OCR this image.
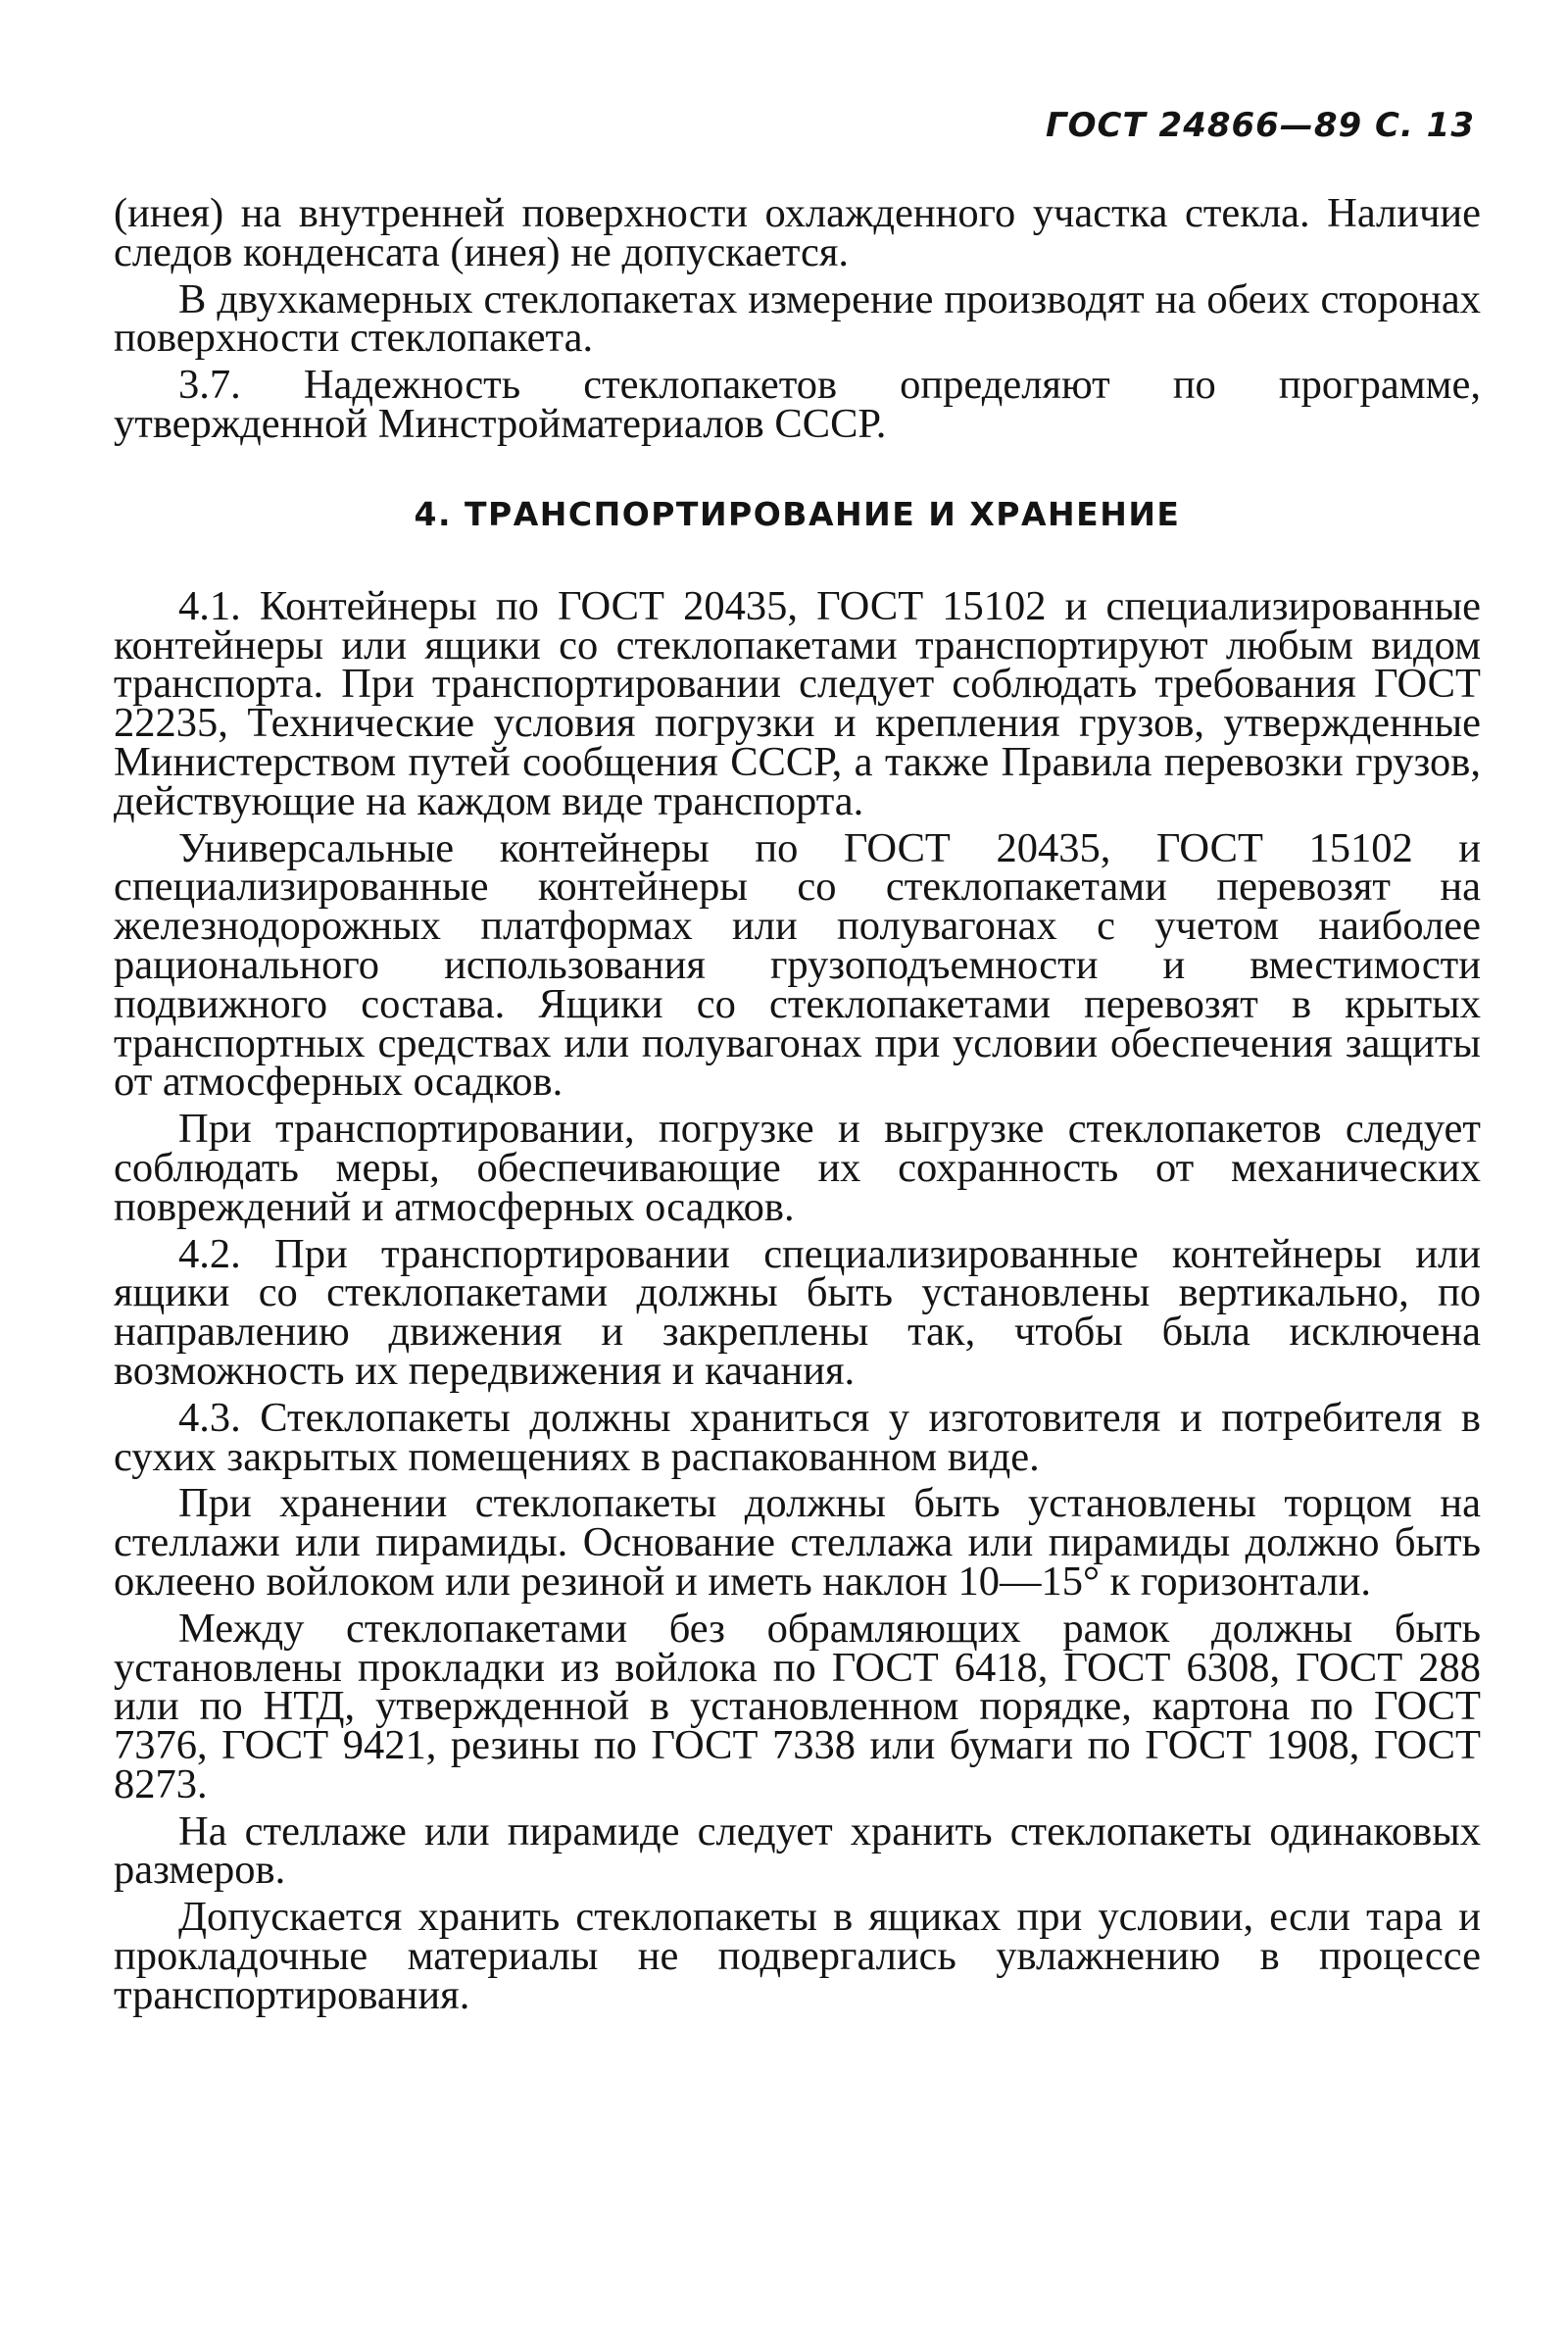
ГОСТ 24866—89 С. 13

(инея) на внутренней поверхности охлажденного участка стекла. Наличие следов конденсата (инея) не допускается.

В двухкамерных стеклопакетах измерение производят на обеих сторонах поверхности стеклопакета.

3.7. Надежность стеклопакетов определяют по программе, утвержденной Минстройматериалов СССР.

4. ТРАНСПОРТИРОВАНИЕ И ХРАНЕНИЕ

4.1. Контейнеры по ГОСТ 20435, ГОСТ 15102 и специализированные контейнеры или ящики со стеклопакетами транспортируют любым видом транспорта. При транспортировании следует соблюдать требования ГОСТ 22235, Технические условия погрузки и крепления грузов, утвержденные Министерством путей сообщения СССР, а также Правила перевозки грузов, действующие на каждом виде транспорта.

Универсальные контейнеры по ГОСТ 20435, ГОСТ 15102 и специализированные контейнеры со стеклопакетами перевозят на железнодорожных платформах или полувагонах с учетом наиболее рационального использования грузоподъемности и вместимости подвижного состава. Ящики со стеклопакетами перевозят в крытых транспортных средствах или полувагонах при условии обеспечения защиты от атмосферных осадков.

При транспортировании, погрузке и выгрузке стеклопакетов следует соблюдать меры, обеспечивающие их сохранность от механических повреждений и атмосферных осадков.

4.2. При транспортировании специализированные контейнеры или ящики со стеклопакетами должны быть установлены вертикально, по направлению движения и закреплены так, чтобы была исключена возможность их передвижения и качания.

4.3. Стеклопакеты должны храниться у изготовителя и потребителя в сухих закрытых помещениях в распакованном виде.

При хранении стеклопакеты должны быть установлены торцом на стеллажи или пирамиды. Основание стеллажа или пирамиды должно быть оклеено войлоком или резиной и иметь наклон 10—15° к горизонтали.

Между стеклопакетами без обрамляющих рамок должны быть установлены прокладки из войлока по ГОСТ 6418, ГОСТ 6308, ГОСТ 288 или по НТД, утвержденной в установленном порядке, картона по ГОСТ 7376, ГОСТ 9421, резины по ГОСТ 7338 или бумаги по ГОСТ 1908, ГОСТ 8273.

На стеллаже или пирамиде следует хранить стеклопакеты одинаковых размеров.

Допускается хранить стеклопакеты в ящиках при условии, если тара и прокладочные материалы не подвергались увлажнению в процессе транспортирования.
